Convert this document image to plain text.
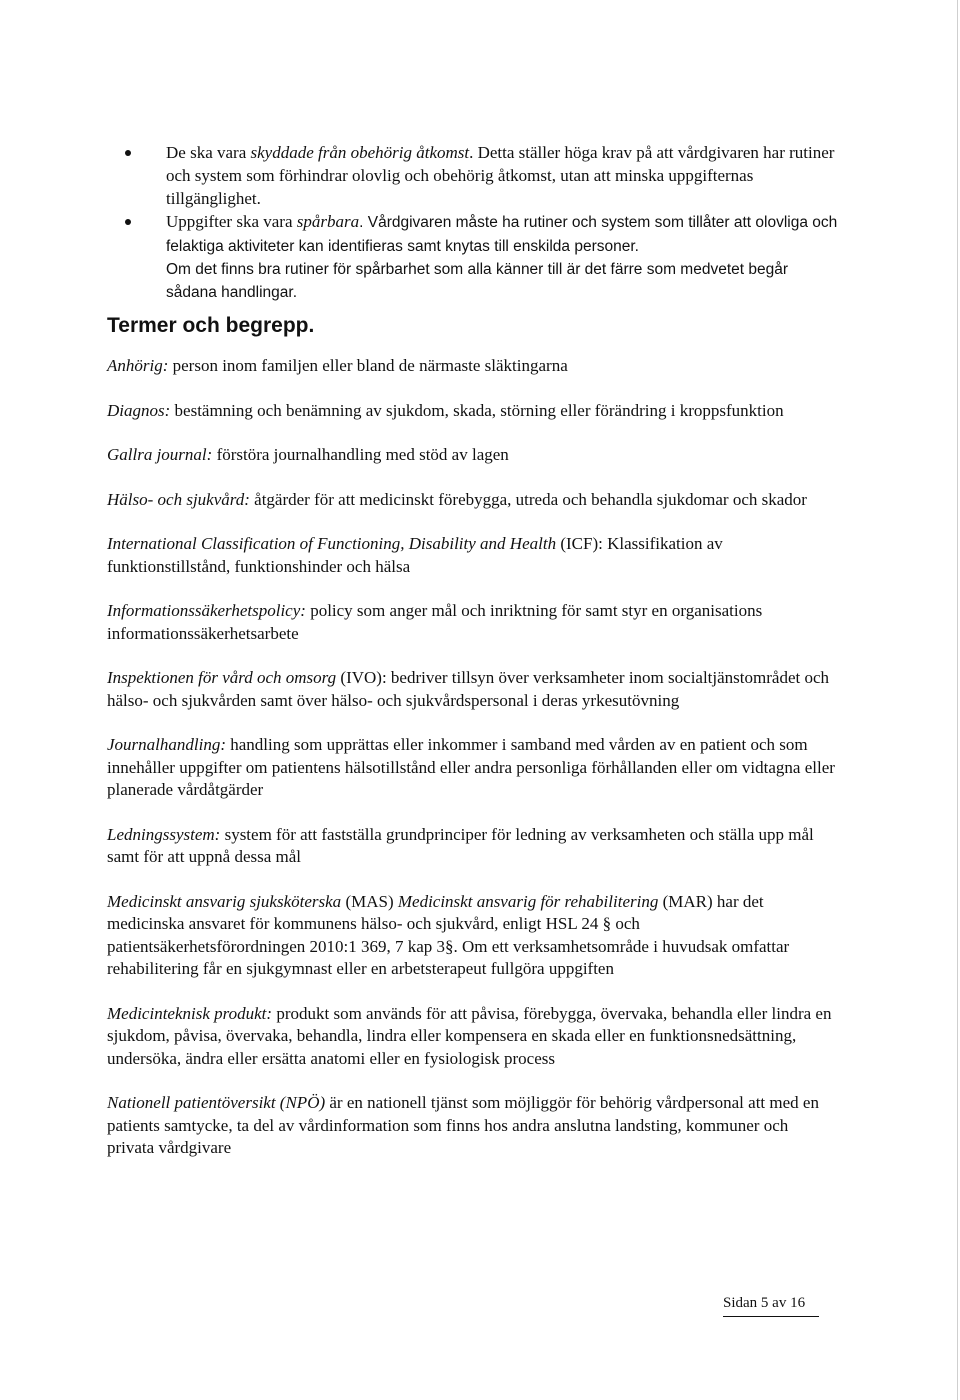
De ska vara skyddade från obehörig åtkomst. Detta ställer höga krav på att vårdgivaren har rutiner och system som förhindrar olovlig och obehörig åtkomst, utan att minska uppgifternas tillgänglighet.

Uppgifter ska vara spårbara. Vårdgivaren måste ha rutiner och system som tillåter att olovliga och felaktiga aktiviteter kan identifieras samt knytas till enskilda personer.

Om det finns bra rutiner för spårbarhet som alla känner till är det färre som medvetet begår sådana handlingar.

Termer och begrepp.

Anhörig: person inom familjen eller bland de närmaste släktingarna

Diagnos: bestämning och benämning av sjukdom, skada, störning eller förändring i kroppsfunktion

Gallra journal: förstöra journalhandling med stöd av lagen

Hälso- och sjukvård: åtgärder för att medicinskt förebygga, utreda och behandla sjukdomar och skador

International Classification of Functioning, Disability and Health (ICF): Klassifikation av funktionstillstånd, funktionshinder och hälsa

Informationssäkerhetspolicy: policy som anger mål och inriktning för samt styr en organisations informationssäkerhetsarbete

Inspektionen för vård och omsorg (IVO): bedriver tillsyn över verksamheter inom socialtjänstområdet och hälso- och sjukvården samt över hälso- och sjukvårdspersonal i deras yrkesutövning

Journalhandling: handling som upprättas eller inkommer i samband med vården av en patient och som innehåller uppgifter om patientens hälsotillstånd eller andra personliga förhållanden eller om vidtagna eller planerade vårdåtgärder

Ledningssystem: system för att fastställa grundprinciper för ledning av verksamheten och ställa upp mål samt för att uppnå dessa mål

Medicinskt ansvarig sjuksköterska (MAS) Medicinskt ansvarig för rehabilitering (MAR) har det medicinska ansvaret för kommunens hälso- och sjukvård, enligt HSL 24 § och patientsäkerhetsförordningen 2010:1 369, 7 kap 3§. Om ett verksamhetsområde i huvudsak omfattar rehabilitering får en sjukgymnast eller en arbetsterapeut fullgöra uppgiften

Medicinteknisk produkt: produkt som används för att påvisa, förebygga, övervaka, behandla eller lindra en sjukdom, påvisa, övervaka, behandla, lindra eller kompensera en skada eller en funktionsnedsättning, undersöka, ändra eller ersätta anatomi eller en fysiologisk process

Nationell patientöversikt (NPÖ) är en nationell tjänst som möjliggör för behörig vårdpersonal att med en patients samtycke, ta del av vårdinformation som finns hos andra anslutna landsting, kommuner och privata vårdgivare

Sidan 5 av 16
